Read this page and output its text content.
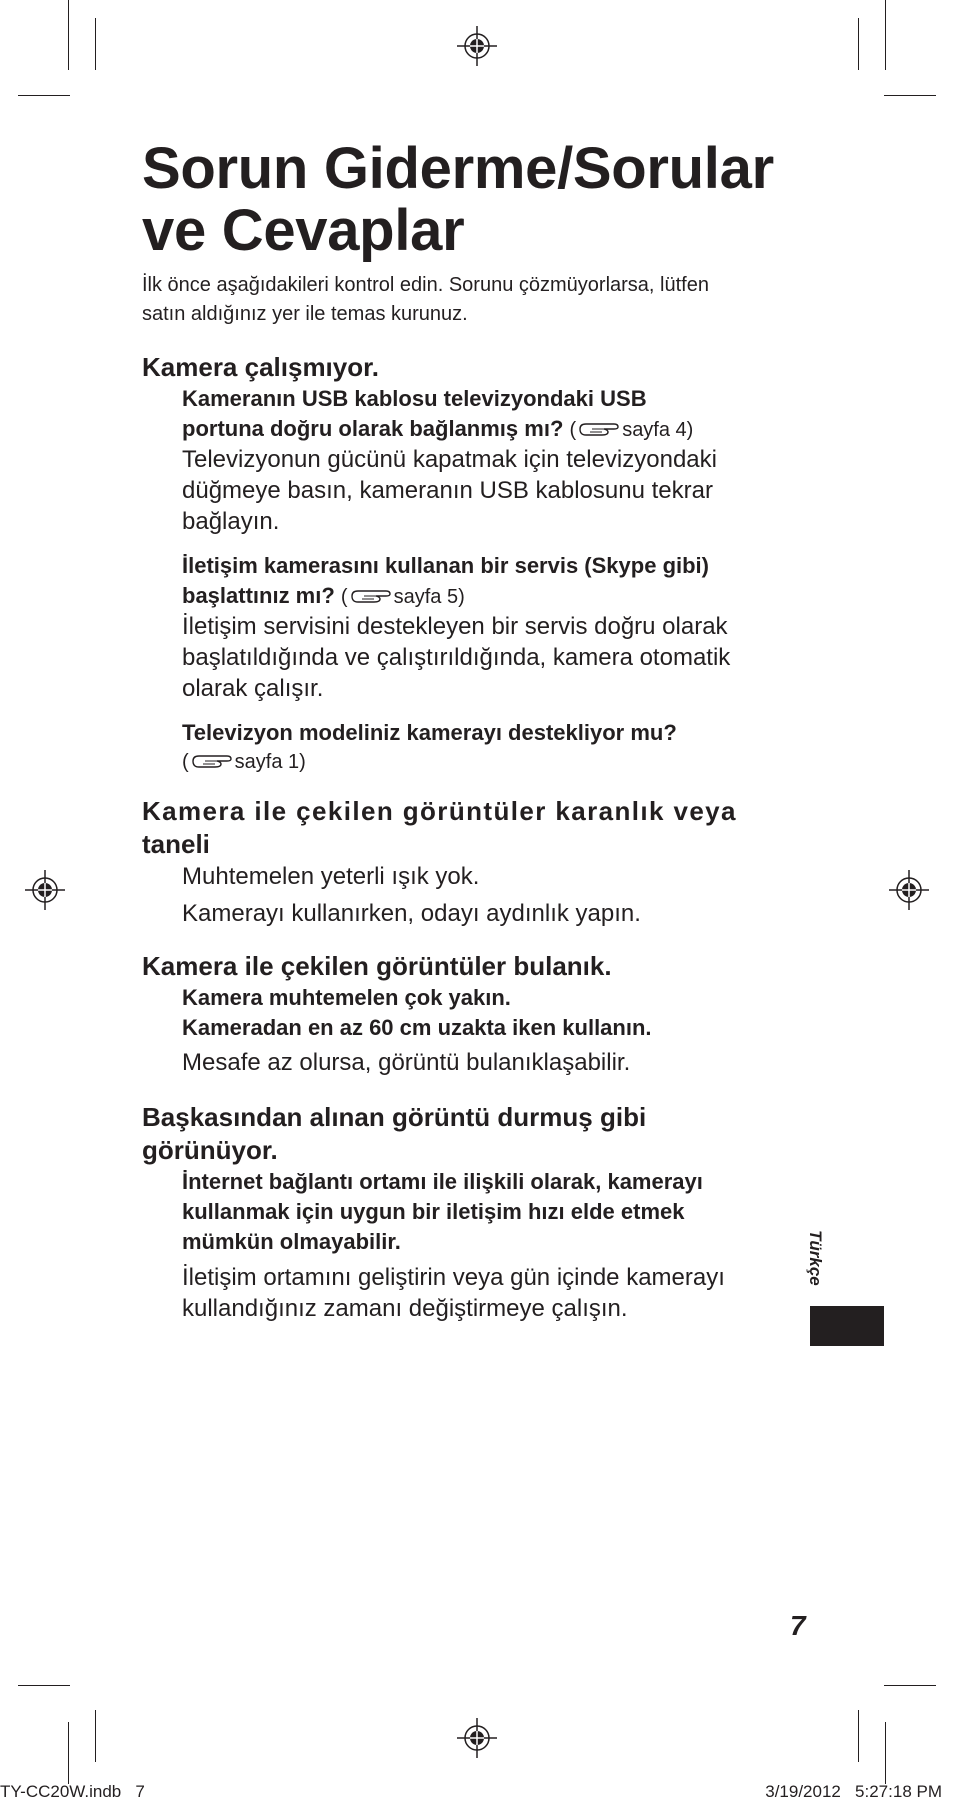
Sorun Giderme/Sorular
ve Cevaplar
İlk önce aşağıdakileri kontrol edin. Sorunu çözmüyorlarsa, lütfen
satın aldığınız yer ile temas kurunuz.
Kamera çalışmıyor.
Kameranın USB kablosu televizyondaki USB
portuna doğru olarak bağlanmış mı? ( sayfa 4)
Televizyonun gücünü kapatmak için televizyondaki
düğmeye basın, kameranın USB kablosunu tekrar
bağlayın.
İletişim kamerasını kullanan bir servis (Skype gibi)
başlattınız mı? ( sayfa 5)
İletişim servisini destekleyen bir servis doğru olarak
başlatıldığında ve çalıştırıldığında, kamera otomatik
olarak çalışır.
Televizyon modeliniz kamerayı destekliyor mu?
( sayfa 1)
Kamera ile çekilen görüntüler karanlık veya
taneli
Muhtemelen yeterli ışık yok.
Kamerayı kullanırken, odayı aydınlık yapın.
Kamera ile çekilen görüntüler bulanık.
Kamera muhtemelen çok yakın.
Kameradan en az 60 cm uzakta iken kullanın.
Mesafe az olursa, görüntü bulanıklaşabilir.
Başkasından alınan görüntü durmuş gibi
görünüyor.
İnternet bağlantı ortamı ile ilişkili olarak, kamerayı
kullanmak için uygun bir iletişim hızı elde etmek
mümkün olmayabilir.
İletişim ortamını geliştirin veya gün içinde kamerayı
kullandığınız zamanı değiştirmeye çalışın.
Türkçe
7
TY-CC20W.indb   7	3/19/2012   5:27:18 PM
